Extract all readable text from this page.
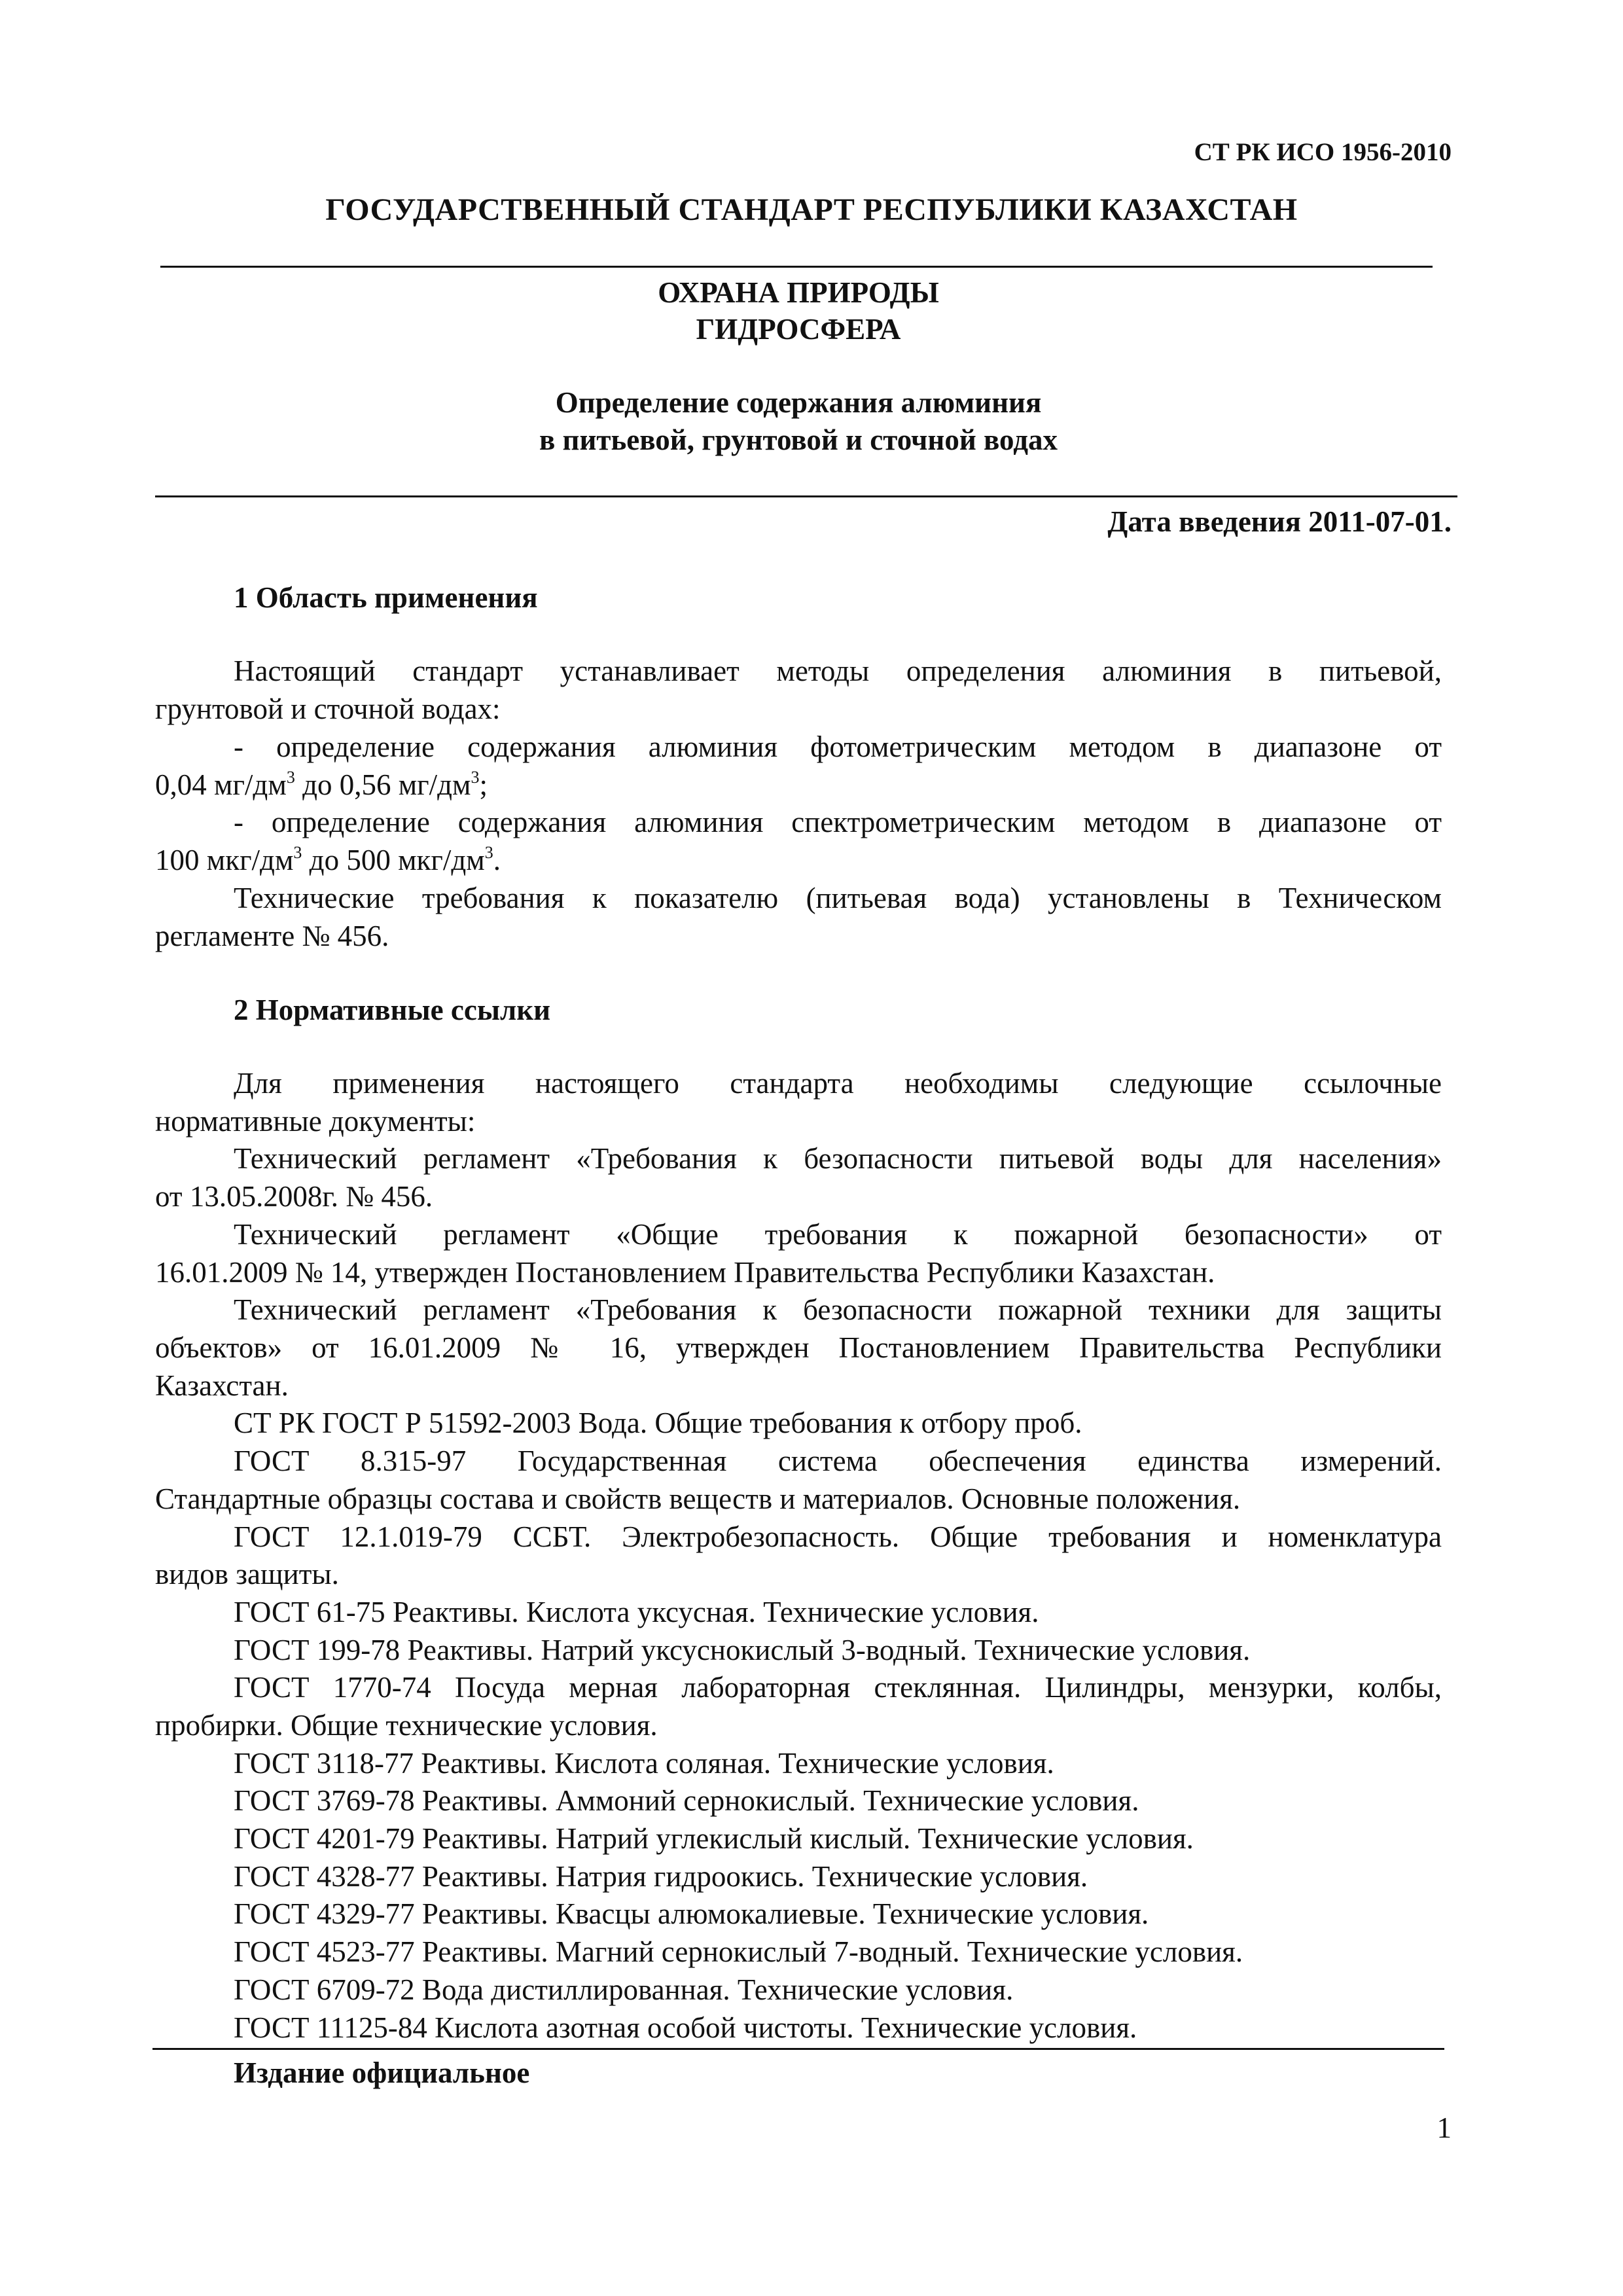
СТ РК ИСО 1956-2010
ГОСУДАРСТВЕННЫЙ СТАНДАРТ РЕСПУБЛИКИ КАЗАХСТАН
ОХРАНА ПРИРОДЫ
ГИДРОСФЕРА
Определение содержания алюминия
в питьевой, грунтовой и сточной водах
Дата введения 2011-07-01.
1 Область применения
Настоящий стандарт устанавливает методы определения алюминия в питьевой,
грунтовой и сточной водах:
- определение содержания алюминия фотометрическим методом в диапазоне от
0,04 $мг/дм^3$ до 0,56 $мг/дм^3$;
- определение содержания алюминия спектрометрическим методом в диапазоне от
100 мкг/$дм^3$ до 500 мкг/$дм^3$.
Технические требования к показателю (питьевая вода) установлены в Техническом
регламенте № 456.
2 Нормативные ссылки
Для применения настоящего стандарта необходимы следующие ссылочные
нормативные документы:
Технический регламент «Требования к безопасности питьевой воды для населения»
от 13.05.2008г. № 456.
Технический регламент «Общие требования к пожарной безопасности» от
16.01.2009 № 14, утвержден Постановлением Правительства Республики Казахстан.
Технический регламент «Требования к безопасности пожарной техники для защиты
объектов» от 16.01.2009 № 16, утвержден Постановлением Правительства Республики
Казахстан.
СТ РК ГОСТ Р 51592-2003 Вода. Общие требования к отбору проб.
ГОСТ 8.315-97 Государственная система обеспечения единства измерений.
Стандартные образцы состава и свойств веществ и материалов. Основные положения.
ГОСТ 12.1.019-79 ССБТ. Электробезопасность. Общие требования и номенклатура
видов защиты.
ГОСТ 61-75 Реактивы. Кислота уксусная. Технические условия.
ГОСТ 199-78 Реактивы. Натрий уксуснокислый 3-водный. Технические условия.
ГОСТ 1770-74 Посуда мерная лабораторная стеклянная. Цилиндры, мензурки, колбы,
пробирки. Общие технические условия.
ГОСТ 3118-77 Реактивы. Кислота соляная. Технические условия.
ГОСТ 3769-78 Реактивы. Аммоний сернокислый. Технические условия.
ГОСТ 4201-79 Реактивы. Натрий углекислый кислый. Технические условия.
ГОСТ 4328-77 Реактивы. Натрия гидроокись. Технические условия.
ГОСТ 4329-77 Реактивы. Квасцы алюмокалиевые. Технические условия.
ГОСТ 4523-77 Реактивы. Магний сернокислый 7-водный. Технические условия.
ГОСТ 6709-72 Вода дистиллированная. Технические условия.
ГОСТ 11125-84 Кислота азотная особой чистоты. Технические условия.
Издание официальное
1
